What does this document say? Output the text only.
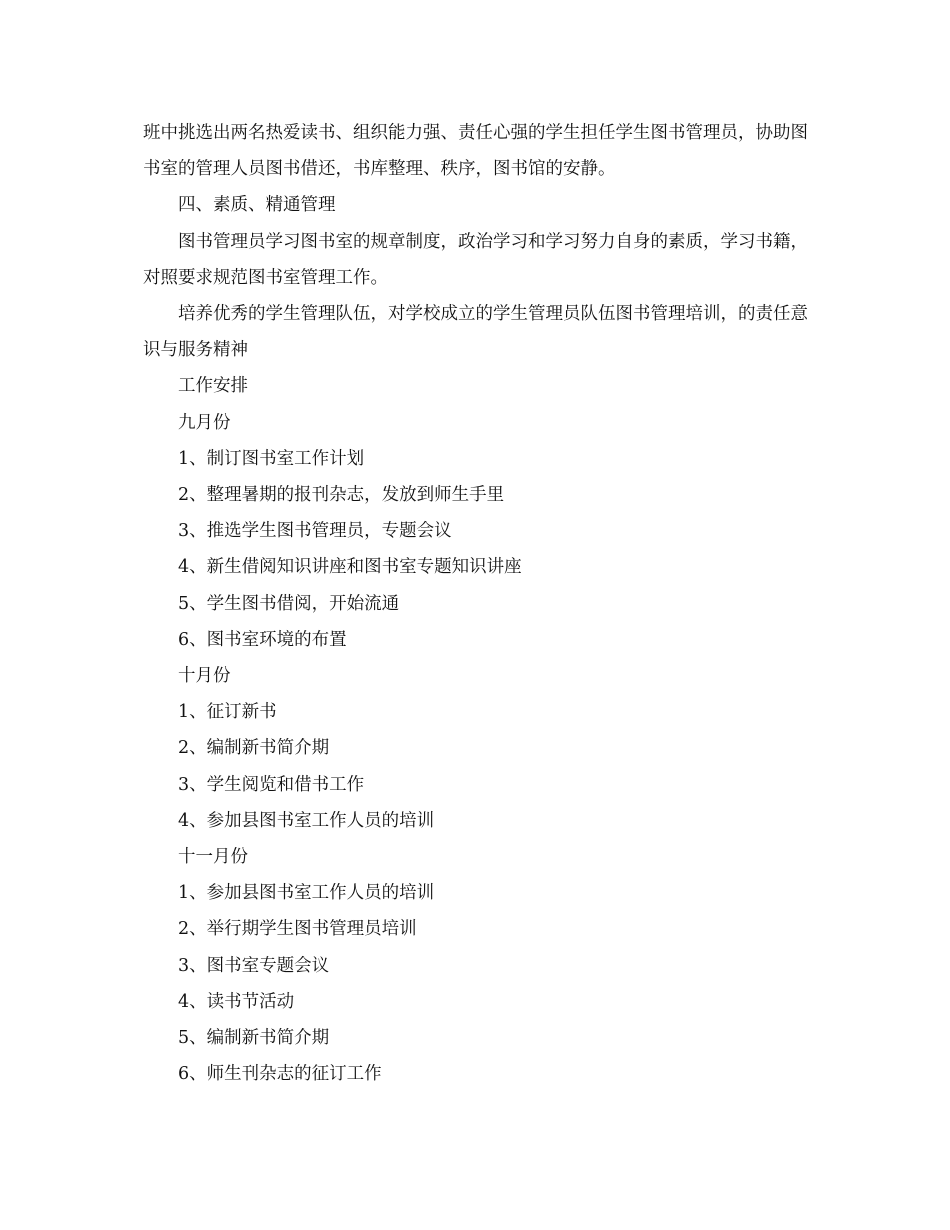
班中挑选出两名热爱读书、组织能力强、责任心强的学生担任学生图书管理员，协助图书室的管理人员图书借还，书库整理、秩序，图书馆的安静。

四、素质、精通管理

图书管理员学习图书室的规章制度，政治学习和学习努力自身的素质，学习书籍，对照要求规范图书室管理工作。

培养优秀的学生管理队伍，对学校成立的学生管理员队伍图书管理培训，的责任意识与服务精神

工作安排

九月份

1、制订图书室工作计划

2、整理暑期的报刊杂志，发放到师生手里

3、推选学生图书管理员，专题会议

4、新生借阅知识讲座和图书室专题知识讲座

5、学生图书借阅，开始流通

6、图书室环境的布置

十月份

1、征订新书

2、编制新书简介期

3、学生阅览和借书工作

4、参加县图书室工作人员的培训

十一月份

1、参加县图书室工作人员的培训

2、举行期学生图书管理员培训

3、图书室专题会议

4、读书节活动

5、编制新书简介期

6、师生刊杂志的征订工作
